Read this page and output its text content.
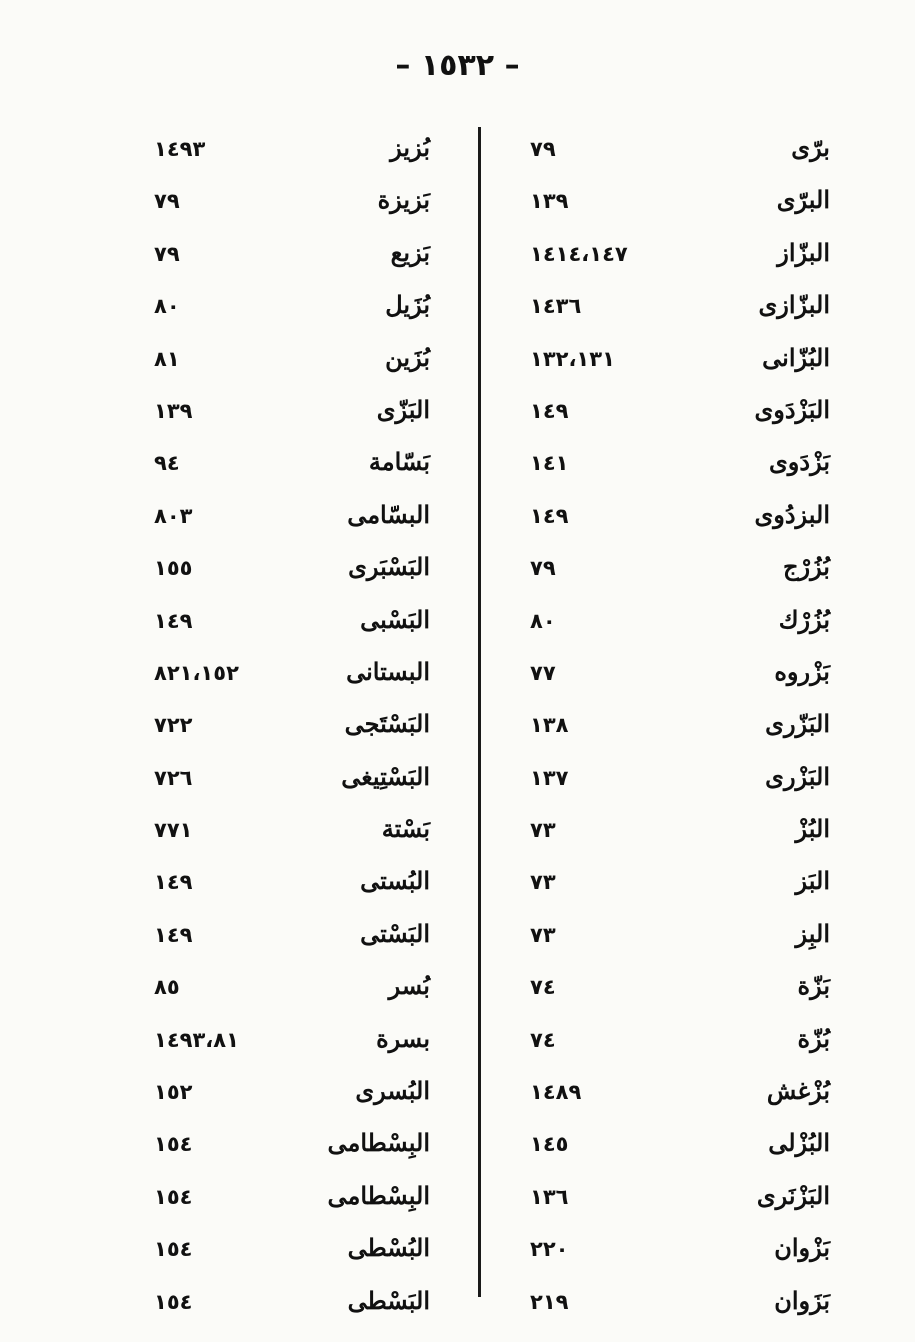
– ١٥٣٢ –
برّى
٧٩
البرّى
١٣٩
البزّاز
١٤١٤،١٤٧
البزّازى
١٤٣٦
البُزّانى
١٣٢،١٣١
البَزْدَوى
١٤٩
بَزْدَوى
١٤١
البزدُوى
١٤٩
بُزُرْج
٧٩
بُزُرْك
٨٠
بَزْروه
٧٧
البَزّرى
١٣٨
البَزْرى
١٣٧
البُزْ
٧٣
البَز
٧٣
البِز
٧٣
بَزّة
٧٤
بُزّة
٧٤
بُزْغش
١٤٨٩
البُزْلى
١٤٥
البَزْنَرى
١٣٦
بَزْوان
٢٢٠
بَزَوان
٢١٩
بُزيز
١٤٩٣
بَزيزة
٧٩
بَزيع
٧٩
بُزَيل
٨٠
بُزَين
٨١
البَزّى
١٣٩
بَسّامة
٩٤
البسّامى
٨٠٣
البَسْبَرى
١٥٥
البَسْبى
١٤٩
البستانى
٨٢١،١٥٢
البَسْتَجى
٧٢٢
البَسْتِيغى
٧٢٦
بَسْتة
٧٧١
البُستى
١٤٩
البَسْتى
١٤٩
بُسر
٨٥
بسرة
١٤٩٣،٨١
البُسرى
١٥٢
البِسْطامى
١٥٤
البِسْطامى
١٥٤
البُسْطى
١٥٤
البَسْطى
١٥٤
